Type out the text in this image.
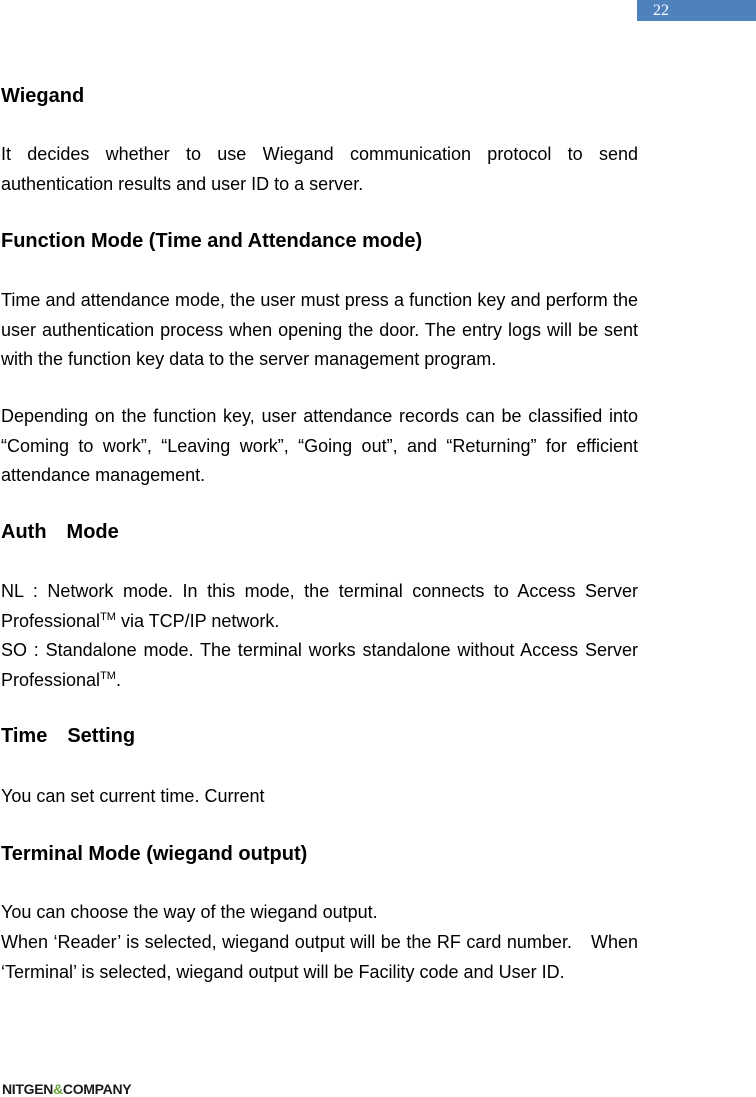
22
Wiegand

It decides whether to use Wiegand communication protocol to send authentication results and user ID to a server.

Function Mode (Time and Attendance mode)

Time and attendance mode, the user must press a function key and perform the user authentication process when opening the door. The entry logs will be sent with the function key data to the server management program.

Depending on the function key, user attendance records can be classified into “Coming to work”, “Leaving work”, “Going out”, and “Returning” for efficient attendance management.

Auth　Mode

NL : Network mode. In this mode, the terminal connects to Access Server Professional™ via TCP/IP network.

SO : Standalone mode. The terminal works standalone without Access Server Professional™.

Time　Setting

You can set current time. Current

Terminal Mode (wiegand output)

You can choose the way of the wiegand output.

When ‘Reader’ is selected, wiegand output will be the RF card number.　When ‘Terminal’ is selected, wiegand output will be Facility code and User ID.

NITGEN&COMPANY
